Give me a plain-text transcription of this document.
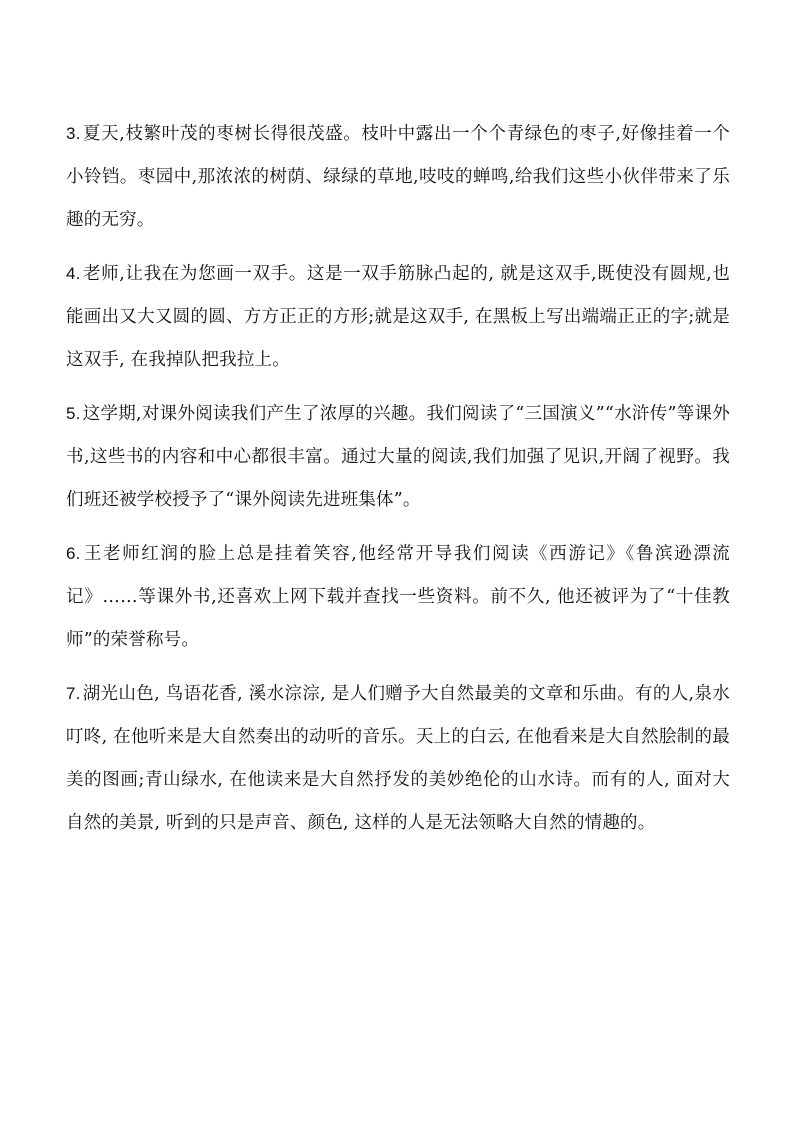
3. 夏天,枝繁叶茂的枣树长得很茂盛。枝叶中露出一个个青绿色的枣子,好像挂着一个小铃铛。枣园中,那浓浓的树荫、绿绿的草地,吱吱的蝉鸣,给我们这些小伙伴带来了乐趣的无穷。

4. 老师,让我在为您画一双手。这是一双手筋脉凸起的, 就是这双手,既使没有圆规,也能画出又大又圆的圆、方方正正的方形;就是这双手, 在黑板上写出端端正正的字;就是这双手, 在我掉队把我拉上。

5. 这学期,对课外阅读我们产生了浓厚的兴趣。我们阅读了“三国演义”“水浒传”等课外书,这些书的内容和中心都很丰富。通过大量的阅读,我们加强了见识,开阔了视野。我们班还被学校授予了“课外阅读先进班集体”。

6. 王老师红润的脸上总是挂着笑容,他经常开导我们阅读《西游记》《鲁滨逊漂流记》……等课外书,还喜欢上网下载并查找一些资料。前不久, 他还被评为了“十佳教师”的荣誉称号。

7. 湖光山色, 鸟语花香, 溪水淙淙, 是人们赠予大自然最美的文章和乐曲。有的人,泉水叮咚, 在他听来是大自然奏出的动听的音乐。天上的白云, 在他看来是大自然脍制的最美的图画;青山绿水, 在他读来是大自然抒发的美妙绝伦的山水诗。而有的人, 面对大自然的美景, 听到的只是声音、颜色, 这样的人是无法领略大自然的情趣的。
